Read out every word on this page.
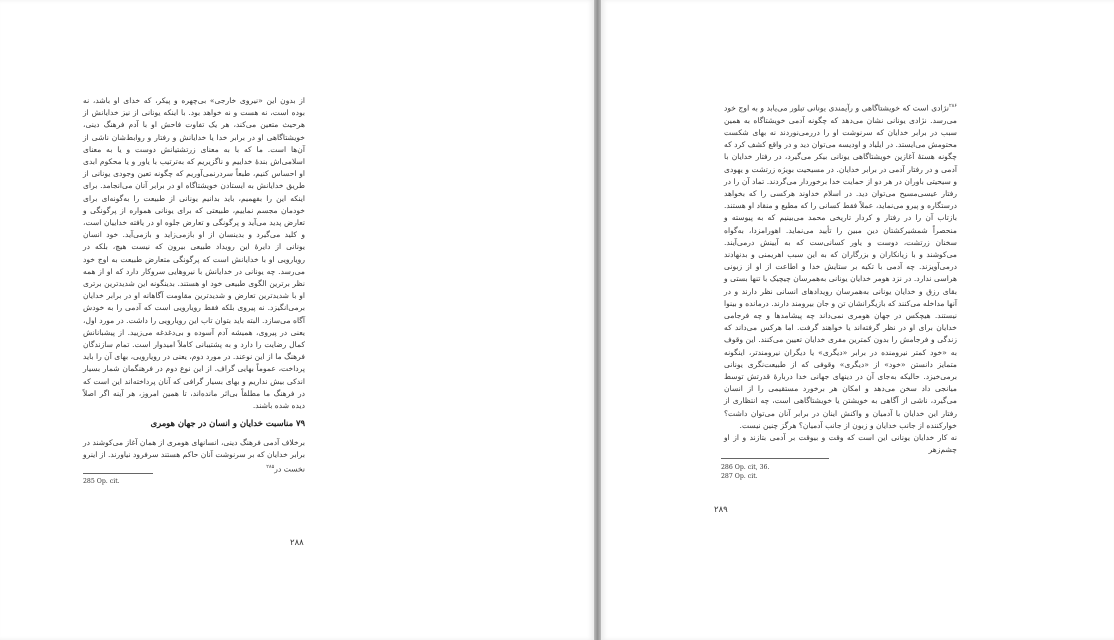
از بدون این «نیروی خارجی» بی‌چهره و پیکر، که خدای او باشد، نه بوده است، نه هست و نه خواهد بود. با اینکه یونانی از نیز خدایانش از هرحیث متعین می‌کند، هر یک تفاوت فاحش او با آدم فرهنگ دینی، خویشتاگاهی او در برابر خدا یا خدایانش و رفتار و روابط‌شان ناشی از آن‌ها است. ما که با به معنای زرتشتیانش دوست و یا به معنای اسلامی‌اش بندهٔ خداییم و ناگزیریم که به‌ترتیب با یاور و یا محکوم ابدی او احساس کنیم، طبعاً سردرنمی‌آوریم که چگونه تعین وجودی یونانی از طریق خدایانش به ایستادن خویشتاگاه او در برابر آنان می‌انجامد. برای اینکه این را بفهمیم، باید بدانیم یونانی از طبیعت را به‌گونه‌ای برای خودمان مجسم نماییم، طبیعتی که برای یونانی همواره از پرگونگی و تعارض پدید می‌آید و پرگونگی و تعارض جلوه او در یافته خداییان است، و کلید می‌گیرد و بدینسان از او بازمی‌زاید و بازمی‌آید. خود انسان یونانی از دایرهٔ این رویداد طبیعی بیرون که نیست هیچ، بلکه در رویارویی او با خدایانش است که پرگونگی متعارض طبیعت به اوج خود می‌رسد. چه یونانی در خدایانش با نیروهایی سروکار دارد که او از همه نظر برترین الگوی طبیعی خود او هستند. بدینگونه این شدیدترین برتری او با شدیدترین تعارض و شدیدترین مقاومت آگاهانه او در برابر خدایان برمی‌انگیزد. نه پیروی بلکه فقط رویارویی است که آدمی را به خودش آگاه می‌سازد. البته باید بتوان تاب این رویارویی را داشت. در مورد اول، یعنی در پیروی، همیشه آدم آسوده و بی‌دغدغه می‌زیید. از پیشبانانش کمال رضایت را دارد و به پشتیبانی کاملاً امیدوار است. تمام سازندگان فرهنگ ما از این نوعند. در مورد دوم، یعنی در رویارویی، بهای آن را باید پرداخت، عموماً بهایی گراف. از این نوع دوم در فرهنگمان شمار بسیار اندکی بیش نداریم و بهای بسیار گرافی که آنان پرداخته‌اند این است که در فرهنگ ما مطلقاً بی‌اثر مانده‌اند، تا همین امروز، هر آینه اگر اصلاً دیده شده باشند.

۷۹ مناسبت خدایان و انسان در جهان هومری

برخلاف آدمی فرهنگ دینی، انسانهای هومری از همان آغاز می‌کوشند در برابر خدایان که بر سرنوشت آنان حاکم هستند سرفرود نیاورند. از اینرو نخست در$^{۲۸۵}$

285 Op. cit.
۲۸۸

$^{۲۸۶}$نژادی است که خویشتاگاهی و رآیمندی یونانی تبلور می‌یابد و به اوج خود می‌رسد. نژادی یونانی نشان می‌دهد که چگونه آدمی خویشتاگاه به همین سبب در برابر خدایان که سرنوشت او را دررمی‌نوردند نه بهای شکست محتومش می‌ایستد. در ایلیاد و اودیسه می‌توان دید و در واقع کشف کرد که چگونه هستهٔ آغازین خویشتاگاهی یونانی بیکر می‌گیرد، در رفتار خدایان با آدمی و در رفتار آدمی در برابر خدایان. در مسیحیت بویژه زرتشت و یهودی و سیحیتی باوران در هر دو از حمایت خدا برخوردار می‌گردند. تماد آن را در رفتار عیسی‌مسیح می‌توان دید. در اسلام خداوند هرکسی را که بخواهد درستگاره و پیرو می‌نماید، عملاً فقط کسانی را که مطیع و منقاد او هستند. بازتاب آن را در رفتار و کردار تاریخی محمد می‌بینیم که به پیوسته و منحصراً شمشیرکشتان دین مبین را تأیید می‌نماید. اهورامزدا، به‌گواه سخنان زرتشت، دوست و یاور کسانی‌ست که به آیینش درمی‌آیند. می‌کوشند و با زیانکاران و بزرگاران که به این سبب اهریمنی و بدنهادند درمی‌آویزند. چه آدمی با تکیه بر ستایش خدا و اطاعت از او از زبونی هراسی ندارد. در نزد هومر خدایان یونانی به‌همرسان چیچیک با تنها بستی و بقای رزق و خدایان یونانی به‌همرسان رویدادهای انسانی نظر دارند و در آنها مداخله می‌کنند که بازیگرانشان تن و جان بیرومند دارند. درمانده و بینوا نیستند. هیچکس در جهان هومری نمی‌داند چه پیشامدها و چه فرجامی خدایان برای او در نظر گرفته‌اند یا خواهند گرفت. اما هرکس می‌داند که زندگی و فرجامش را بدون کمترین مفری خدایان تعیین می‌کنند. این وقوف به «خود کمتر نیرومنده در برابر «دیگری» یا دیگران نیرومندتر، اینگونه متمایز دانستن «خود» از «دیگری» وقوفی که از طبیعت‌نگری یونانی برمی‌خیزد. حالیکه به‌جای آن در دینهای جهانی خدا دربارهٔ قدرتش توسط میانجی داد سخن می‌دهد و امکان هر برخورد مستقیمی را از انسان می‌گیرد، ناشی از آگاهی به خویشتن یا خویشتاگاهی است، چه انتظاری از رفتار این خدایان با آدمیان و واکنش اینان در برابر آنان می‌توان داشت؟ خوارکننده از جانب خدایان و زبون از جانب آدمیان؟ هرگز چنین نیست.

نه کار خدایان یونانی این است که وقت و بیوقت بر آدمی بتازند و از او چشم‌زهر

286 Op. cit, 36.
287 Op. cit.
۲۸۹
